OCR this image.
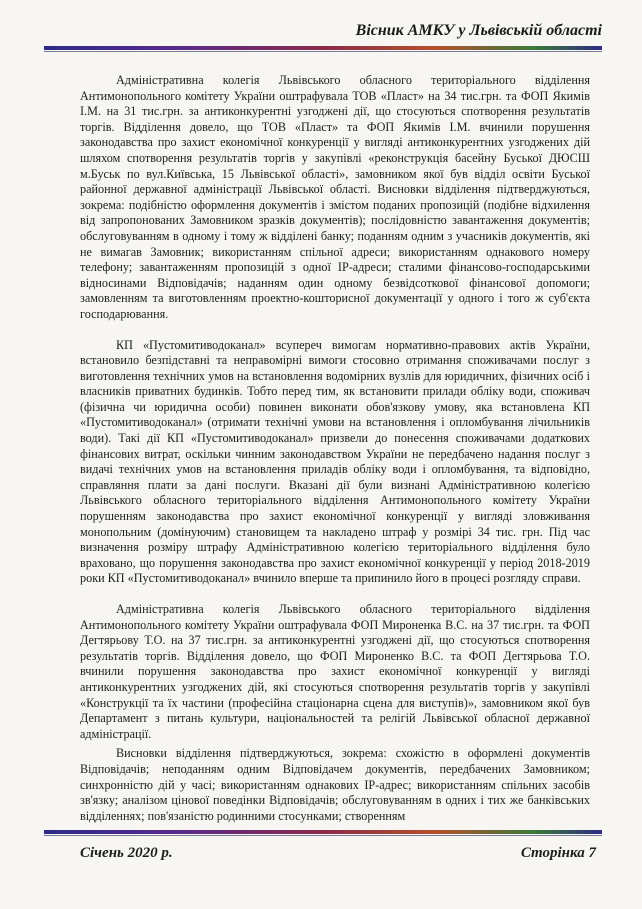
Вісник АМКУ у Львівській області

Адміністративна колегія Львівського обласного територіального відділення Антимонопольного комітету України оштрафувала ТОВ «Пласт» на 34 тис.грн. та ФОП Якимів І.М. на 31 тис.грн. за антиконкурентні узгоджені дії, що стосуються спотворення результатів торгів. Відділення довело, що ТОВ «Пласт» та ФОП Якимів І.М. вчинили порушення законодавства про захист економічної конкуренції у вигляді антиконкурентних узгоджених дій шляхом спотворення результатів торгів у закупівлі «реконструкція басейну Буської ДЮСШ м.Буськ по вул.Київська, 15 Львівської області», замовником якої був відділ освіти Буської районної державної адміністрації Львівської області. Висновки відділення підтверджуються, зокрема: подібністю оформлення документів і змістом поданих пропозицій (подібне відхилення від запропонованих Замовником зразків документів); послідовністю завантаження документів; обслуговуванням в одному і тому ж відділені банку; поданням одним з учасників документів, які не вимагав Замовник; використанням спільної адреси; використанням однакового номеру телефону; завантаженням пропозицій з одної IP-адреси; сталими фінансово-господарськими відносинами Відповідачів; наданням один одному безвідсоткової фінансової допомоги; замовленням та виготовленням проектно-кошторисної документації у одного і того ж суб'єкта господарювання.

КП «Пустомитиводоканал» всупереч вимогам нормативно-правових актів України, встановило безпідставні та неправомірні вимоги стосовно отримання споживачами послуг з виготовлення технічних умов на встановлення водомірних вузлів для юридичних, фізичних осіб і власників приватних будинків. Тобто перед тим, як встановити прилади обліку води, споживач (фізична чи юридична особи) повинен виконати обов'язкову умову, яка встановлена КП «Пустомитиводоканал» (отримати технічні умови на встановлення і опломбування лічильників води). Такі дії КП «Пустомитиводоканал» призвели до понесення споживачами додаткових фінансових витрат, оскільки чинним законодавством України не передбачено надання послуг з видачі технічних умов на встановлення приладів обліку води і опломбування, та відповідно, справляння плати за дані послуги. Вказані дії були визнані Адміністративною колегією Львівського обласного територіального відділення Антимонопольного комітету України порушенням законодавства про захист економічної конкуренції у вигляді зловживання монопольним (домінуючим) становищем та накладено штраф у розмірі 34 тис. грн. Під час визначення розміру штрафу Адміністративною колегією територіального відділення було враховано, що порушення законодавства про захист економічної конкуренції у період 2018-2019 роки КП «Пустомитиводоканал» вчинило вперше та припинило його в процесі розгляду справи.

Адміністративна колегія Львівського обласного територіального відділення Антимонопольного комітету України оштрафувала ФОП Мироненка В.С. на 37 тис.грн. та ФОП Дегтярьову Т.О. на 37 тис.грн. за антиконкурентні узгоджені дії, що стосуються спотворення результатів торгів. Відділення довело, що ФОП Мироненко В.С. та ФОП Дегтярьова Т.О. вчинили порушення законодавства про захист економічної конкуренції у вигляді антиконкурентних узгоджених дій, які стосуються спотворення результатів торгів у закупівлі «Конструкції та їх частини (професійна стаціонарна сцена для виступів)», замовником якої був Департамент з питань культури, національностей та релігій Львівської обласної державної адміністрації.

Висновки відділення підтверджуються, зокрема: схожістю в оформлені документів Відповідачів; неподанням одним Відповідачем документів, передбачених Замовником; синхронністю дій у часі; використанням однакових IP-адрес; використанням спільних засобів зв'язку; аналізом цінової поведінки Відповідачів; обслуговуванням в одних і тих же банківських відділеннях; пов'язаністю родинними стосунками; створенням

Січень 2020 р.	Сторінка 7
